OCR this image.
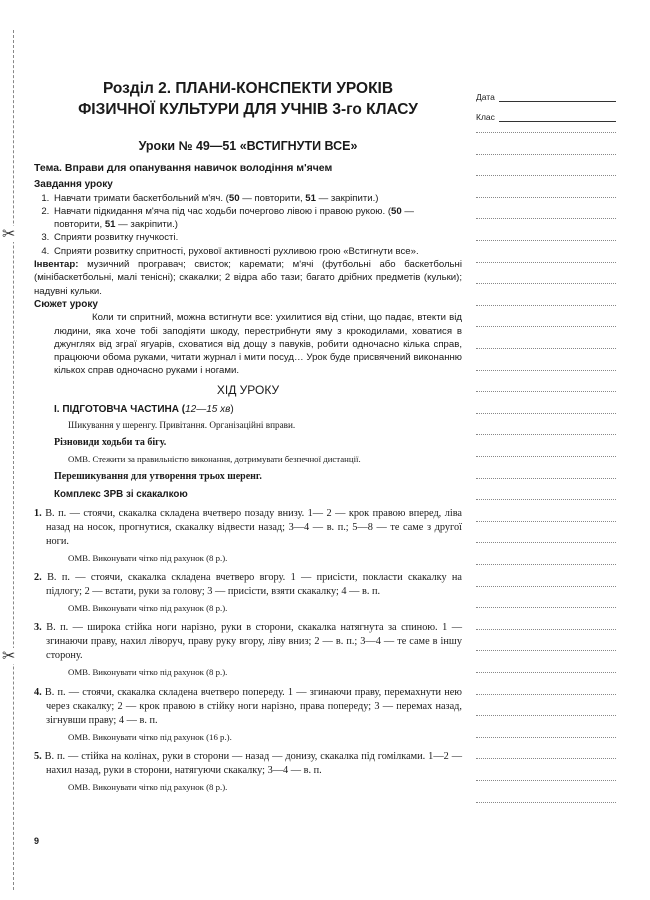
✂
✂
Розділ 2. ПЛАНИ-КОНСПЕКТИ УРОКІВ
ФІЗИЧНОЇ КУЛЬТУРИ ДЛЯ УЧНІВ 3-го КЛАСУ
Уроки № 49—51 «ВСТИГНУТИ ВСЕ»
Тема. Вправи для опанування навичок володіння м'ячем
Завдання уроку
1. Навчати тримати баскетбольний м'яч. (50 — повторити, 51 — закріпити.)
2. Навчати підкидання м'яча під час ходьби почергово лівою і правою рукою. (50 — повторити, 51 — закріпити.)
3. Сприяти розвитку гнучкості.
4. Сприяти розвитку спритності, рухової активності рухливою грою «Встигнути все».
Інвентар: музичний програвач; свисток; каремати; м'ячі (футбольні або баскетбольні (мінібаскетбольні, малі тенісні); скакалки; 2 відра або тази; багато дрібних предметів (кульки); надувні кульки.
Сюжет уроку
Коли ти спритний, можна встигнути все: ухилитися від стіни, що падає, втекти від людини, яка хоче тобі заподіяти шкоду, перестрибнути яму з крокодилами, ховатися в джунглях від зграї ягуарів, сховатися від дощу з павуків, робити одночасно кілька справ, працюючи обома руками, читати журнал і мити посуд… Урок буде присвячений виконанню кількох справ одночасно руками і ногами.
ХІД УРОКУ
І. ПІДГОТОВЧА ЧАСТИНА (12—15 хв)
Шикування у шеренгу. Привітання. Організаційні вправи.
Різновиди ходьби та бігу.
ОМВ. Стежити за правильністю виконання, дотримувати безпечної дистанції.
Перешикування для утворення трьох шеренг.
Комплекс ЗРВ зі скакалкою
1. В. п. — стоячи, скакалка складена вчетверо позаду внизу. 1— 2 — крок правою вперед, ліва назад на носок, прогнутися, скакалку відвести назад; 3—4 — в. п.; 5—8 — те саме з другої ноги.
ОМВ. Виконувати чітко під рахунок (8 р.).
2. В. п. — стоячи, скакалка складена вчетверо вгору. 1 — присісти, покласти скакалку на підлогу; 2 — встати, руки за голову; 3 — присісти, взяти скакалку; 4 — в. п.
ОМВ. Виконувати чітко під рахунок (8 р.).
3. В. п. — широка стійка ноги нарізно, руки в сторони, скакалка натягнута за спиною. 1 — згинаючи праву, нахил ліворуч, праву руку вгору, ліву вниз; 2 — в. п.; 3—4 — те саме в іншу сторону.
ОМВ. Виконувати чітко під рахунок (8 р.).
4. В. п. — стоячи, скакалка складена вчетверо попереду. 1 — згинаючи праву, перемахнути нею через скакалку; 2 — крок правою в стійку ноги нарізно, права попереду; 3 — перемах назад, зігнувши праву; 4 — в. п.
ОМВ. Виконувати чітко під рахунок (16 р.).
5. В. п. — стійка на колінах, руки в сторони — назад — донизу, скакалка під гомілками. 1—2 — нахил назад, руки в сторони, натягуючи скакалку; 3—4 — в. п.
ОМВ. Виконувати чітко під рахунок (8 р.).
Дата
Клас
9
